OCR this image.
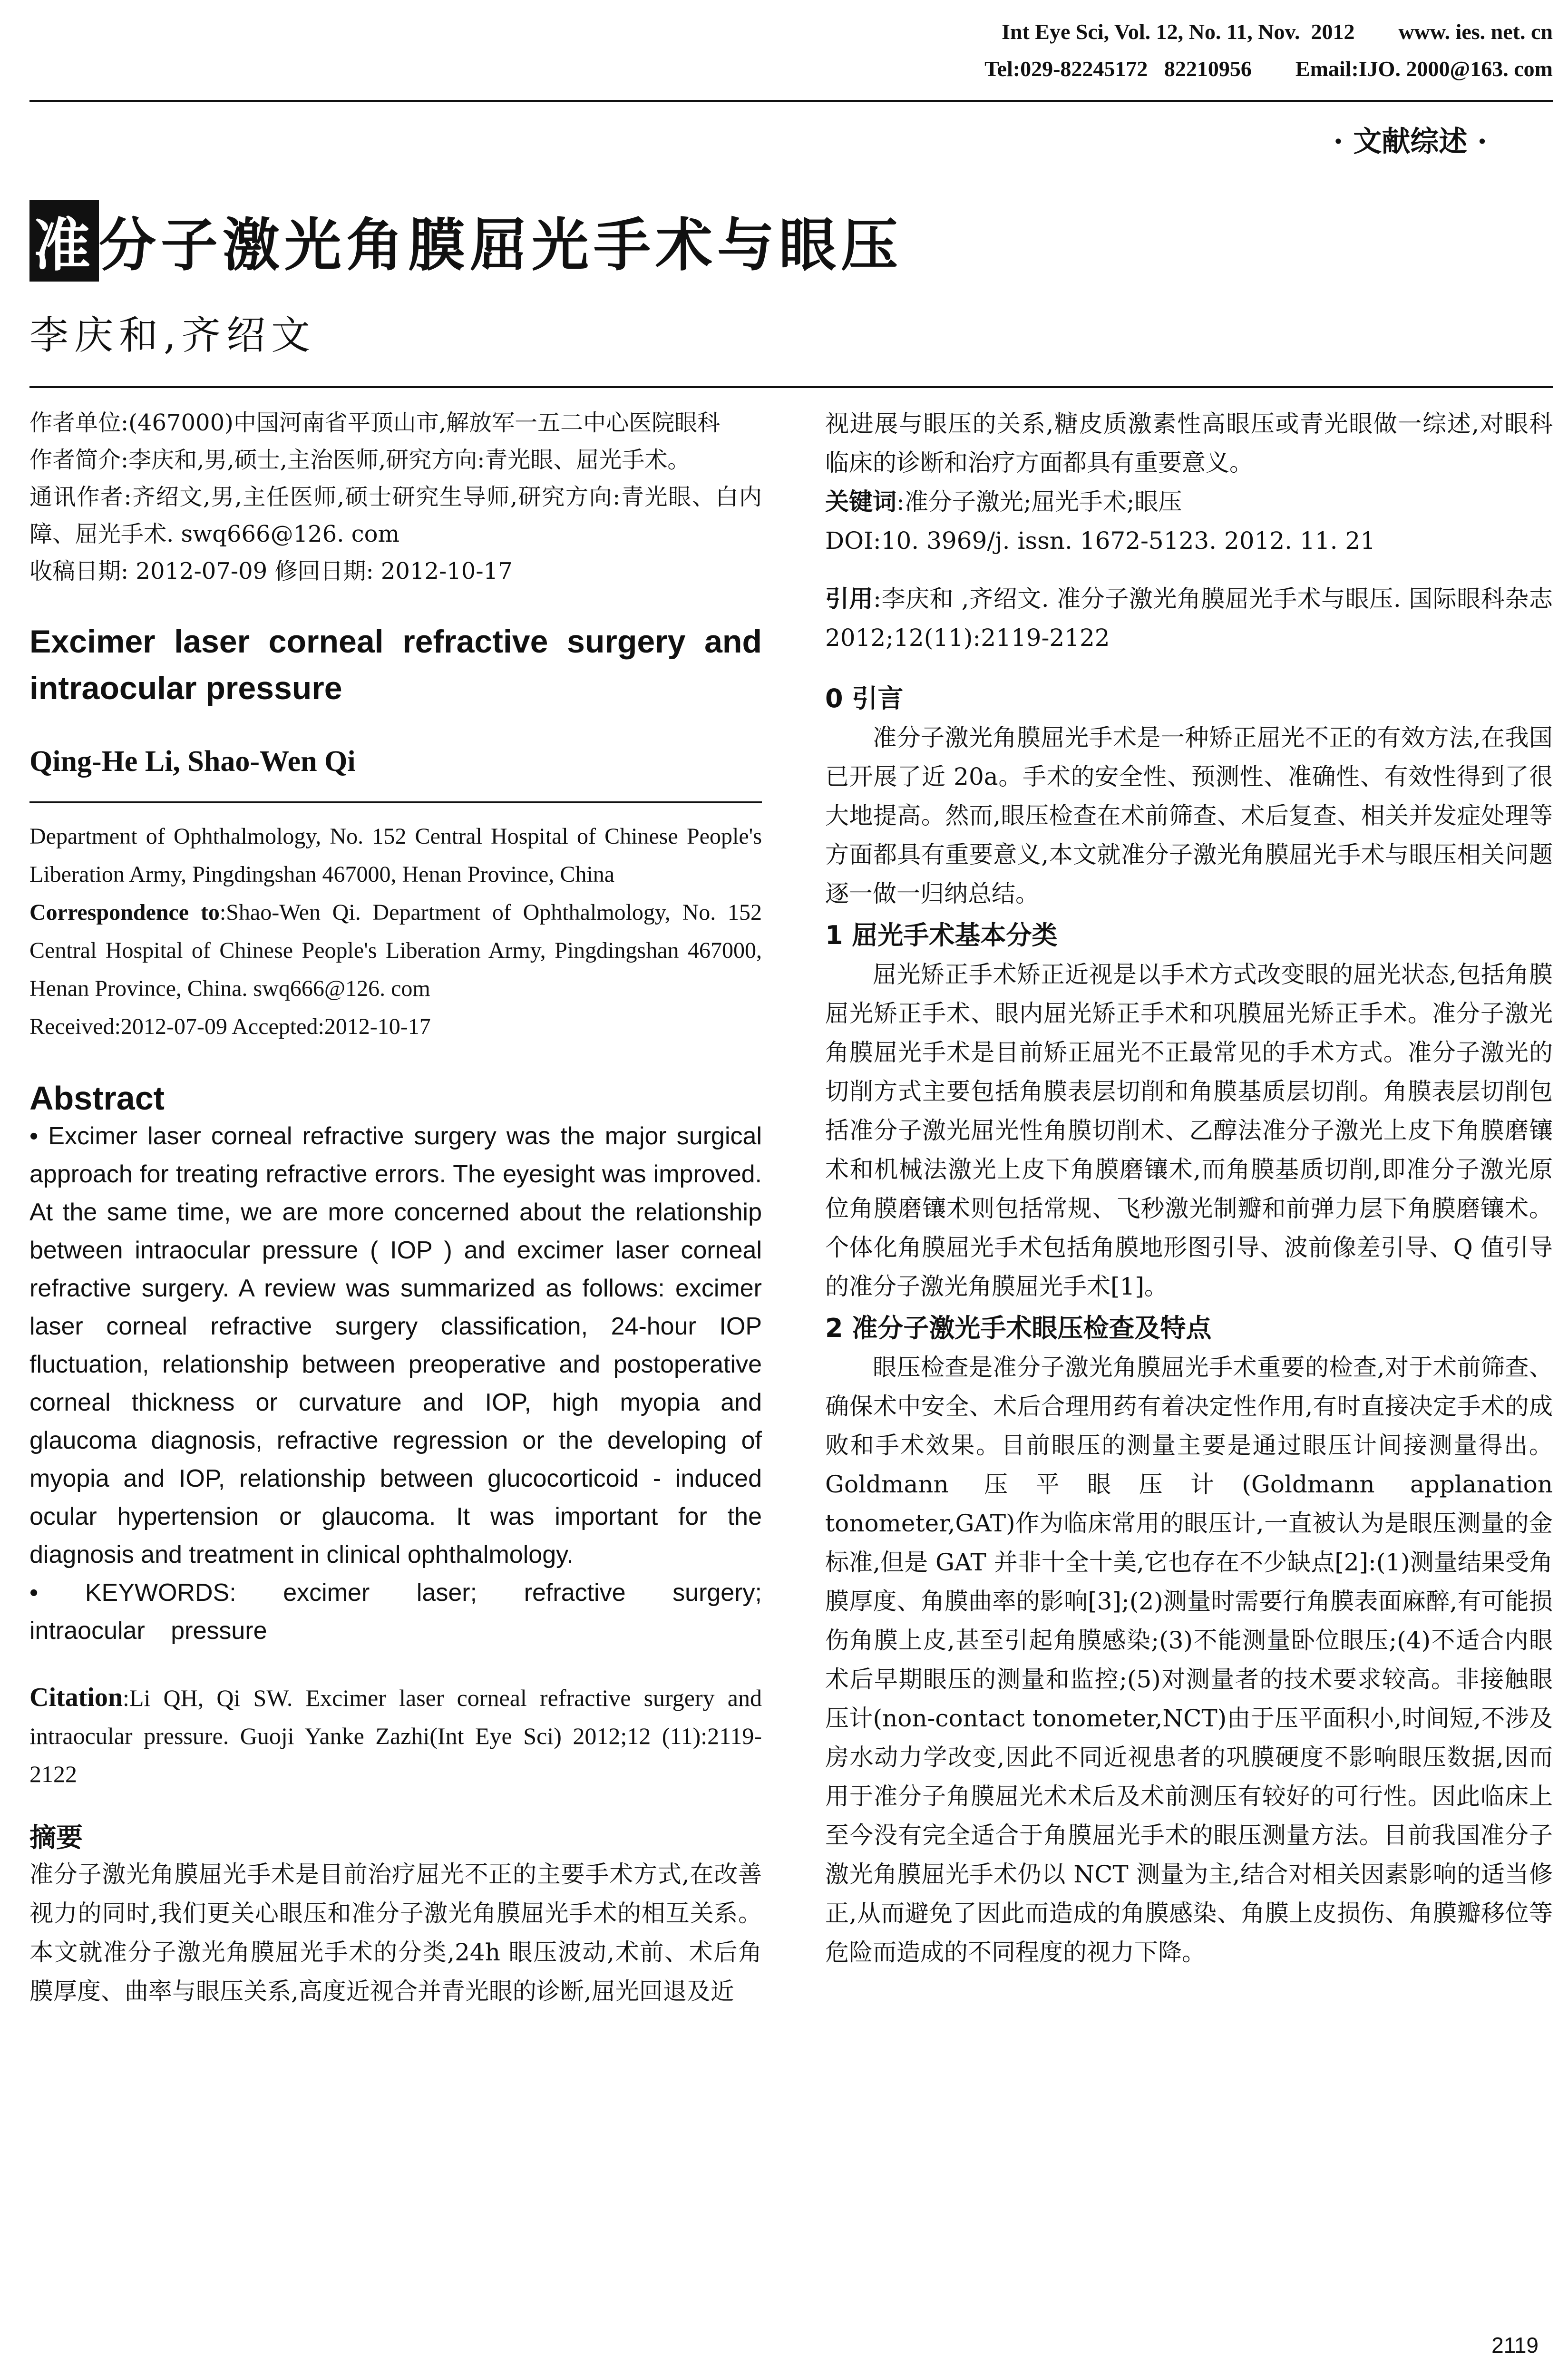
Int Eye Sci, Vol. 12, No. 11, Nov.  2012        www. ies. net. cn
Tel:029-82245172   82210956        Email:IJO. 2000@163. com
· 文献综述 ·
准分子激光角膜屈光手术与眼压
李庆和,齐绍文

作者单位:(467000)中国河南省平顶山市,解放军一五二中心医院眼科

作者简介:李庆和,男,硕士,主治医师,研究方向:青光眼、屈光手术。

通讯作者:齐绍文,男,主任医师,硕士研究生导师,研究方向:青光眼、白内障、屈光手术. swq666@126. com

收稿日期: 2012-07-09 修回日期: 2012-10-17

Excimer laser corneal refractive surgery and intraocular pressure
Qing-He Li, Shao-Wen Qi

Department of Ophthalmology, No. 152 Central Hospital of Chinese People's Liberation Army, Pingdingshan 467000, Henan Province, China

Correspondence to:Shao-Wen Qi. Department of Ophthalmology, No. 152 Central Hospital of Chinese People's Liberation Army, Pingdingshan 467000, Henan Province, China. swq666@126. com

Received:2012-07-09 Accepted:2012-10-17

Abstract

• Excimer laser corneal refractive surgery was the major surgical approach for treating refractive errors. The eyesight was improved. At the same time, we are more concerned about the relationship between intraocular pressure ( IOP ) and excimer laser corneal refractive surgery. A review was summarized as follows: excimer laser corneal refractive surgery classification, 24-hour IOP fluctuation, relationship between preoperative and postoperative corneal thickness or curvature and IOP, high myopia and glaucoma diagnosis, refractive regression or the developing of myopia and IOP, relationship between glucocorticoid - induced ocular hypertension or glaucoma. It was important for the diagnosis and treatment in clinical ophthalmology.

• KEYWORDS: excimer laser; refractive surgery; intraocular pressure

Citation:Li QH, Qi SW. Excimer laser corneal refractive surgery and intraocular pressure. Guoji Yanke Zazhi(Int Eye Sci) 2012;12 (11):2119-2122
摘要

准分子激光角膜屈光手术是目前治疗屈光不正的主要手术方式,在改善视力的同时,我们更关心眼压和准分子激光角膜屈光手术的相互关系。本文就准分子激光角膜屈光手术的分类,24h 眼压波动,术前、术后角膜厚度、曲率与眼压关系,高度近视合并青光眼的诊断,屈光回退及近

视进展与眼压的关系,糖皮质激素性高眼压或青光眼做一综述,对眼科临床的诊断和治疗方面都具有重要意义。

关键词:准分子激光;屈光手术;眼压

DOI:10. 3969/j. issn. 1672-5123. 2012. 11. 21

引用:李庆和 ,齐绍文. 准分子激光角膜屈光手术与眼压. 国际眼科杂志 2012;12(11):2119-2122

0 引言

准分子激光角膜屈光手术是一种矫正屈光不正的有效方法,在我国已开展了近 20a。手术的安全性、预测性、准确性、有效性得到了很大地提高。然而,眼压检查在术前筛查、术后复查、相关并发症处理等方面都具有重要意义,本文就准分子激光角膜屈光手术与眼压相关问题逐一做一归纳总结。

1 屈光手术基本分类

屈光矫正手术矫正近视是以手术方式改变眼的屈光状态,包括角膜屈光矫正手术、眼内屈光矫正手术和巩膜屈光矫正手术。准分子激光角膜屈光手术是目前矫正屈光不正最常见的手术方式。准分子激光的切削方式主要包括角膜表层切削和角膜基质层切削。角膜表层切削包括准分子激光屈光性角膜切削术、乙醇法准分子激光上皮下角膜磨镶术和机械法激光上皮下角膜磨镶术,而角膜基质切削,即准分子激光原位角膜磨镶术则包括常规、飞秒激光制瓣和前弹力层下角膜磨镶术。个体化角膜屈光手术包括角膜地形图引导、波前像差引导、Q 值引导的准分子激光角膜屈光手术[1]。

2 准分子激光手术眼压检查及特点

眼压检查是准分子激光角膜屈光手术重要的检查,对于术前筛查、确保术中安全、术后合理用药有着决定性作用,有时直接决定手术的成败和手术效果。目前眼压的测量主要是通过眼压计间接测量得出。Goldmann 压平眼压计(Goldmann applanation tonometer,GAT)作为临床常用的眼压计,一直被认为是眼压测量的金标准,但是 GAT 并非十全十美,它也存在不少缺点[2]:(1)测量结果受角膜厚度、角膜曲率的影响[3];(2)测量时需要行角膜表面麻醉,有可能损伤角膜上皮,甚至引起角膜感染;(3)不能测量卧位眼压;(4)不适合内眼术后早期眼压的测量和监控;(5)对测量者的技术要求较高。非接触眼压计(non-contact tonometer,NCT)由于压平面积小,时间短,不涉及房水动力学改变,因此不同近视患者的巩膜硬度不影响眼压数据,因而用于准分子角膜屈光术术后及术前测压有较好的可行性。因此临床上至今没有完全适合于角膜屈光手术的眼压测量方法。目前我国准分子激光角膜屈光手术仍以 NCT 测量为主,结合对相关因素影响的适当修正,从而避免了因此而造成的角膜感染、角膜上皮损伤、角膜瓣移位等危险而造成的不同程度的视力下降。

2119
